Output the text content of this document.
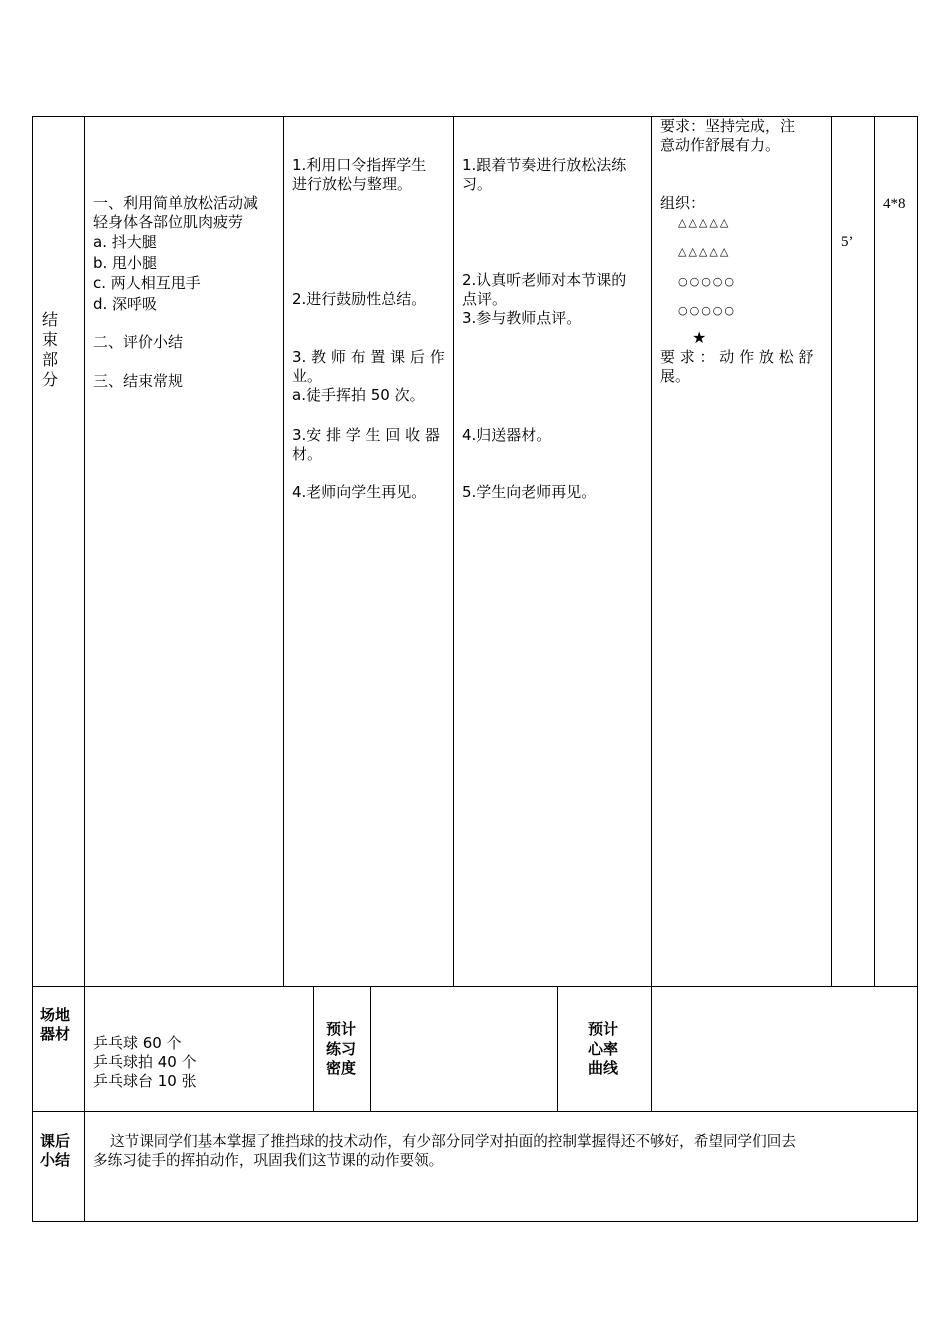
结
束
部
分
一、利用简单放松活动减
轻身体各部位肌肉疲劳
a. 抖大腿
b. 甩小腿
c. 两人相互甩手
d. 深呼吸
二、评价小结
三、结束常规
1.利用口令指挥学生
进行放松与整理。
2.进行鼓励性总结。
3. 教 师 布 置 课 后 作
业。
a.徒手挥拍 50 次。
3.安 排 学 生 回 收 器
材。
4.老师向学生再见。
1.跟着节奏进行放松法练
习。
2.认真听老师对本节课的
点评。
3.参与教师点评。
4.归送器材。
5.学生向老师再见。
要求：坚持完成，注
意动作舒展有力。
组织：
△△△△△
△△△△△
○○○○○
○○○○○
★
要 求 ： 动 作 放 松 舒
展。
5’
4*8
场地
器材 乒乓球 60 个
乒乓球拍 40 个
乒乓球台 10 张
预计
练习
密度
预计
心率
曲线
课后
小结
这节课同学们基本掌握了推挡球的技术动作，有少部分同学对拍面的控制掌握得还不够好，希望同学们回去
多练习徒手的挥拍动作，巩固我们这节课的动作要领。
